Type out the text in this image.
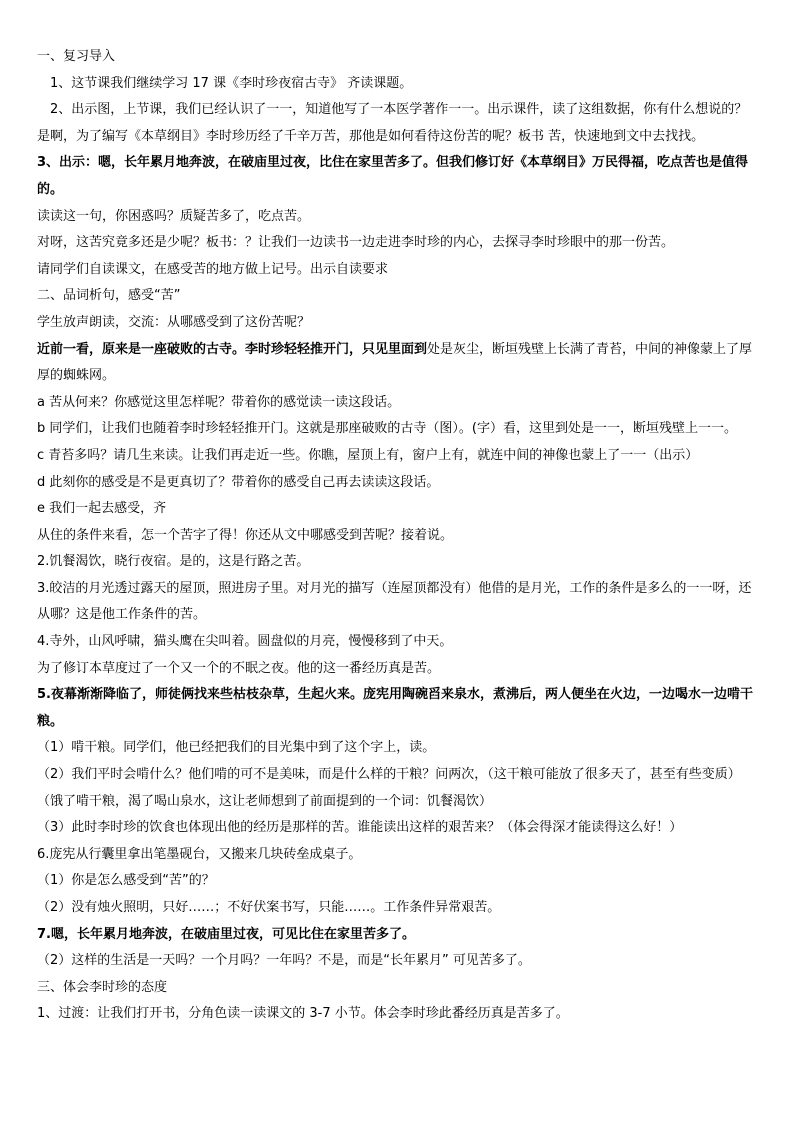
一、复习导入

1、这节课我们继续学习 17 课《李时珍夜宿古寺》 齐读课题。

2、出示图，上节课，我们已经认识了一一，知道他写了一本医学著作一一。出示课件，读了这组数据，你有什么想说的？

是啊，为了编写《本草纲目》李时珍历经了千辛万苦，那他是如何看待这份苦的呢？板书 苦，快速地到文中去找找。

3、出示：嗯，长年累月地奔波，在破庙里过夜，比住在家里苦多了。但我们修订好《本草纲目》万民得福，吃点苦也是值得的。

读读这一句，你困惑吗？质疑苦多了，吃点苦。

对呀，这苦究竟多还是少呢？板书：？让我们一边读书一边走进李时珍的内心，去探寻李时珍眼中的那一份苦。

请同学们自读课文，在感受苦的地方做上记号。出示自读要求

二、品词析句，感受“苦”

学生放声朗读，交流：从哪感受到了这份苦呢？

近前一看，原来是一座破败的古寺。李时珍轻轻推开门，只见里面到处是灰尘，断垣残壁上长满了青苔，中间的神像蒙上了厚厚的蜘蛛网。

a 苦从何来？你感觉这里怎样呢？带着你的感觉读一读这段话。

b 同学们，让我们也随着李时珍轻轻推开门。这就是那座破败的古寺（图）。(字）看，这里到处是一一，断垣残壁上一一。

c 青苔多吗？请几生来读。让我们再走近一些。你瞧，屋顶上有，窗户上有，就连中间的神像也蒙上了一一（出示）

d 此刻你的感受是不是更真切了？带着你的感受自己再去读读这段话。

e 我们一起去感受，齐

从住的条件来看，怎一个苦字了得！你还从文中哪感受到苦呢？接着说。

2.饥餐渴饮，晓行夜宿。是的，这是行路之苦。

3.皎洁的月光透过露天的屋顶，照进房子里。对月光的描写（连屋顶都没有）他借的是月光，工作的条件是多么的一一呀，还从哪？这是他工作条件的苦。

4.寺外，山风呼啸，猫头鹰在尖叫着。圆盘似的月亮，慢慢移到了中天。

为了修订本草度过了一个又一个的不眠之夜。他的这一番经历真是苦。

5.夜幕渐渐降临了，师徒俩找来些枯枝杂草，生起火来。庞宪用陶碗舀来泉水，煮沸后，两人便坐在火边，一边喝水一边啃干粮。

（1）啃干粮。同学们，他已经把我们的目光集中到了这个字上，读。

（2）我们平时会啃什么？他们啃的可不是美味，而是什么样的干粮？问两次，（这干粮可能放了很多天了，甚至有些变质）（饿了啃干粮，渴了喝山泉水，这让老师想到了前面提到的一个词：饥餐渴饮）

（3）此时李时珍的饮食也体现出他的经历是那样的苦。谁能读出这样的艰苦来？（体会得深才能读得这么好！）

6.庞宪从行囊里拿出笔墨砚台，又搬来几块砖垒成桌子。

（1）你是怎么感受到“苦”的？

（2）没有烛火照明，只好……；不好伏案书写，只能……。工作条件异常艰苦。

7.嗯，长年累月地奔波，在破庙里过夜，可见比住在家里苦多了。

（2）这样的生活是一天吗？一个月吗？一年吗？不是，而是“长年累月” 可见苦多了。

三、体会李时珍的态度

1、过渡：让我们打开书，分角色读一读课文的 3-7 小节。体会李时珍此番经历真是苦多了。
